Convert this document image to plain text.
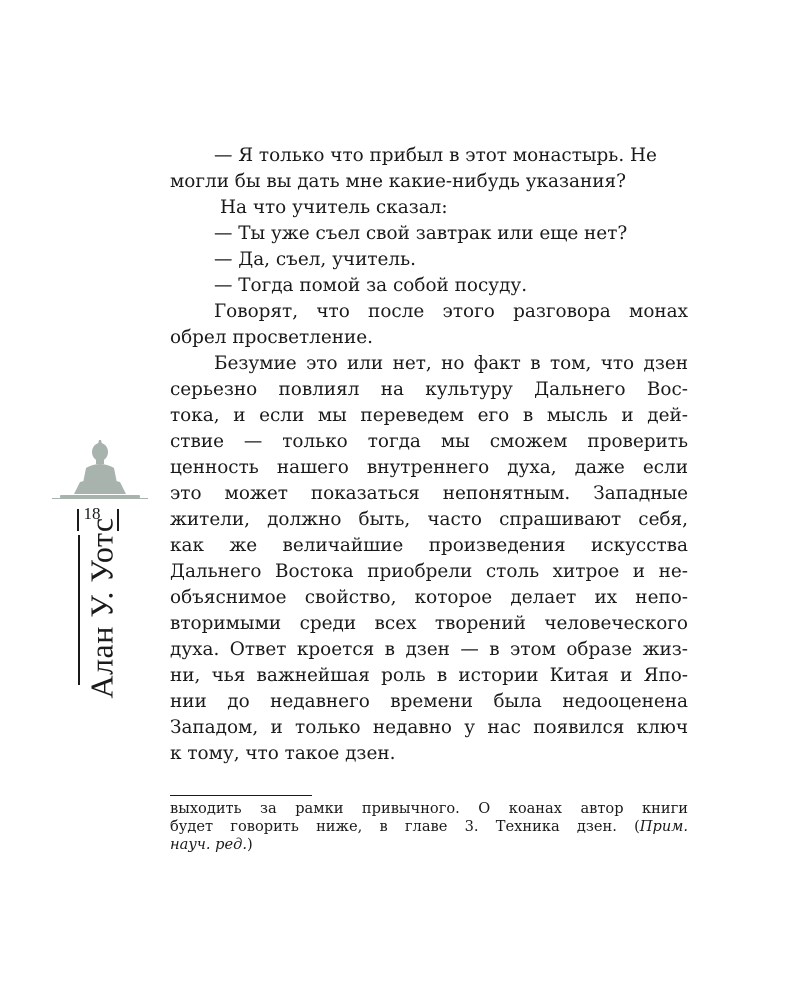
18
Алан У. Уотс
— Я только что прибыл в этот монастырь. Не
могли бы вы дать мне какие-нибудь указания?
На что учитель сказал:
— Ты уже съел свой завтрак или еще нет?
— Да, съел, учитель.
— Тогда помой за собой посуду.
Говорят, что после этого разговора монах
обрел просветление.
Безумие это или нет, но факт в том, что дзен
серьезно повлиял на культуру Дальнего Вос-
тока, и если мы переведем его в мысль и дей-
ствие — только тогда мы сможем проверить
ценность нашего внутреннего духа, даже если
это может показаться непонятным. Западные
жители, должно быть, часто спрашивают себя,
как же величайшие произведения искусства
Дальнего Востока приобрели столь хитрое и не-
объяснимое свойство, которое делает их непо-
вторимыми среди всех творений человеческого
духа. Ответ кроется в дзен — в этом образе жиз-
ни, чья важнейшая роль в истории Китая и Япо-
нии до недавнего времени была недооценена
Западом, и только недавно у нас появился ключ
к тому, что такое дзен.
выходить за рамки привычного. О коанах автор книги
будет говорить ниже, в главе 3. Техника дзен. (Прим.
науч. ред.)
